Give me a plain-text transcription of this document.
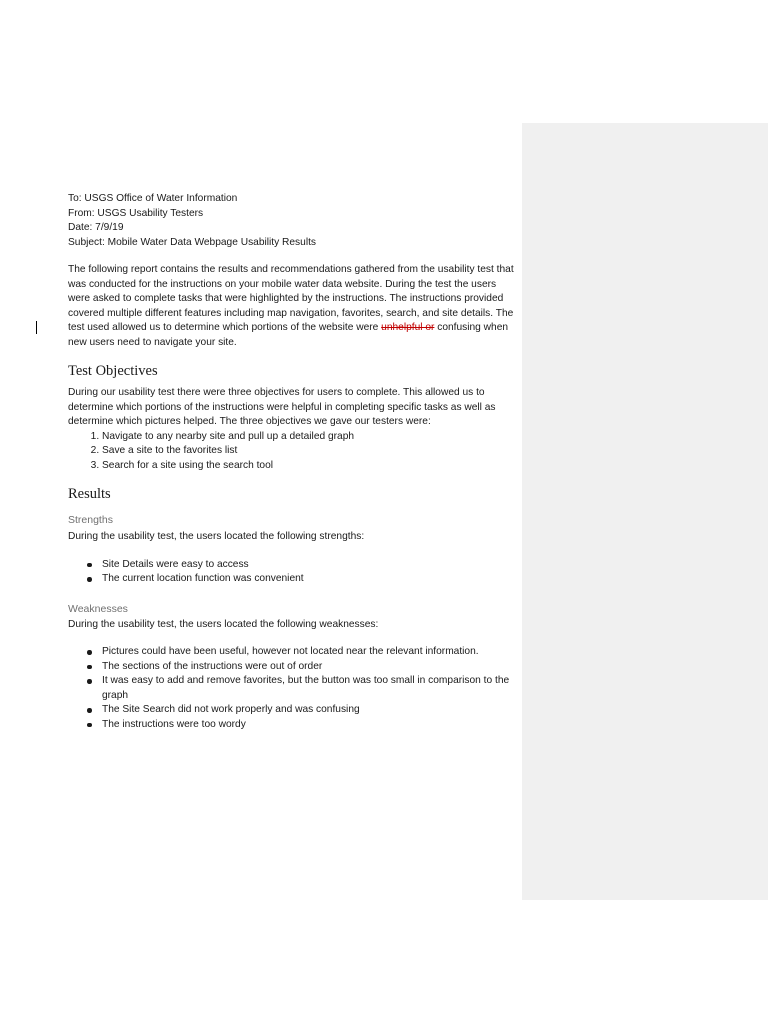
To: USGS Office of Water Information

From: USGS Usability Testers

Date: 7/9/19

Subject: Mobile Water Data Webpage Usability Results

The following report contains the results and recommendations gathered from the usability test that was conducted for the instructions on your mobile water data website. During the test the users were asked to complete tasks that were highlighted by the instructions. The instructions provided covered multiple different features including map navigation, favorites, search, and site details. The test used allowed us to determine which portions of the website were unhelpful or confusing when new users need to navigate your site.

Test Objectives

During our usability test there were three objectives for users to complete. This allowed us to determine which portions of the instructions were helpful in completing specific tasks as well as determine which pictures helped. The three objectives we gave our testers were:

1. Navigate to any nearby site and pull up a detailed graph
2. Save a site to the favorites list
3. Search for a site using the search tool
Results
Strengths

During the usability test, the users located the following strengths:

Site Details were easy to access
The current location function was convenient
Weaknesses

During the usability test, the users located the following weaknesses:

Pictures could have been useful, however not located near the relevant information.
The sections of the instructions were out of order
It was easy to add and remove favorites, but the button was too small in comparison to the graph
The Site Search did not work properly and was confusing
The instructions were too wordy
